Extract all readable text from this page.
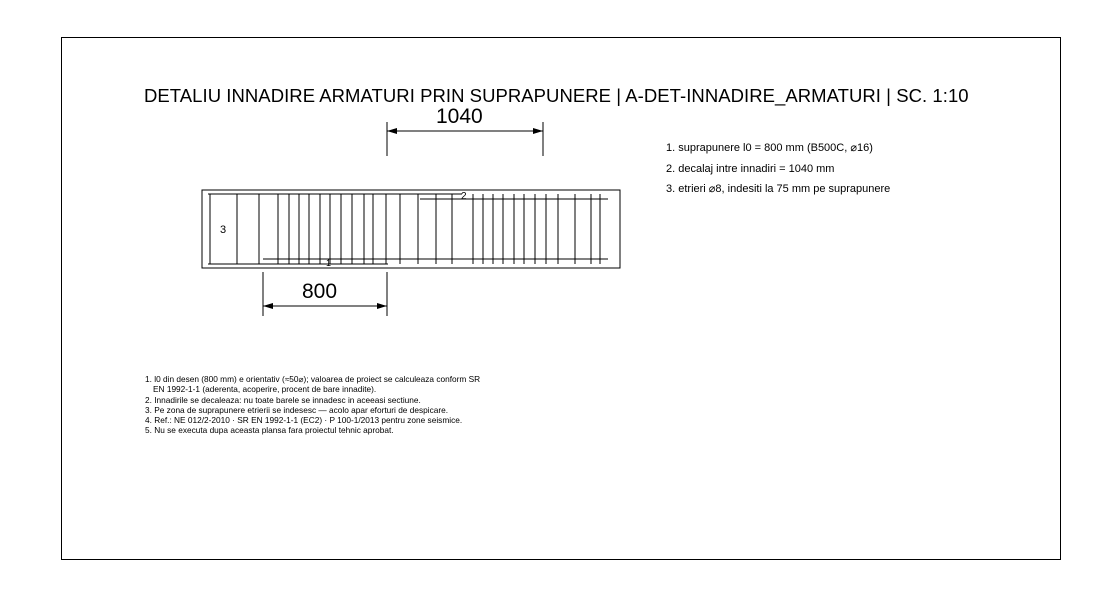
DETALIU INNADIRE ARMATURI PRIN SUPRAPUNERE | A-DET-INNADIRE_ARMATURI | SC. 1:10
3
2
1
1040
800
1. suprapunere l0 = 800 mm (B500C, ⌀16)
2. decalaj intre innadiri = 1040 mm
3. etrieri ⌀8, indesiti la 75 mm pe suprapunere
1. l0 din desen (800 mm) e orientativ (≈50⌀); valoarea de proiect se calculeaza conform SR
EN 1992-1-1 (aderenta, acoperire, procent de bare innadite).
2. Innadirile se decaleaza: nu toate barele se innadesc in aceeasi sectiune.
3. Pe zona de suprapunere etrierii se indesesc — acolo apar eforturi de despicare.
4. Ref.: NE 012/2-2010 · SR EN 1992-1-1 (EC2) · P 100-1/2013 pentru zone seismice.
5. Nu se executa dupa aceasta plansa fara proiectul tehnic aprobat.
